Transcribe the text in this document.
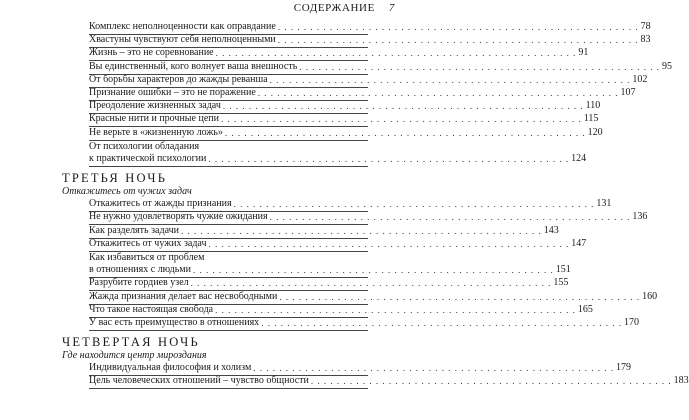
СОДЕРЖАНИЕ 7
Комплекс неполноценности как оправдание . . . . . . . . . . . . . . . . . . . . . . . . . . . . . . . . . . . . . . . . . . . . . . . . . . . . . . . . 78
Хвастуны чувствуют себя неполноценными . . . . . . . . . . . . . . . . . . . . . . . . . . . . . . . . . . . . . . . . . . . . . . . . . . . . . . . . 83
Жизнь – это не соревнование . . . . . . . . . . . . . . . . . . . . . . . . . . . . . . . . . . . . . . . . . . . . . . . . . . . . . . . . 91
Вы единственный, кого волнует ваша внешность . . . . . . . . . . . . . . . . . . . . . . . . . . . . . . . . . . . . . . . . . . . . . . . . . . . . . . . . 95
От борьбы характеров до жажды реванша . . . . . . . . . . . . . . . . . . . . . . . . . . . . . . . . . . . . . . . . . . . . . . . . . . . . . . . . 102
Признание ошибки – это не поражение . . . . . . . . . . . . . . . . . . . . . . . . . . . . . . . . . . . . . . . . . . . . . . . . . . . . . . . . 107
Преодоление жизненных задач . . . . . . . . . . . . . . . . . . . . . . . . . . . . . . . . . . . . . . . . . . . . . . . . . . . . . . . . 110
Красные нити и прочные цепи . . . . . . . . . . . . . . . . . . . . . . . . . . . . . . . . . . . . . . . . . . . . . . . . . . . . . . . . 115
Не верьте в «жизненную ложь» . . . . . . . . . . . . . . . . . . . . . . . . . . . . . . . . . . . . . . . . . . . . . . . . . . . . . . . . 120
От психологии обладания
к практической психологии . . . . . . . . . . . . . . . . . . . . . . . . . . . . . . . . . . . . . . . . . . . . . . . . . . . . . . . . 124
ТРЕТЬЯ НОЧЬ
Откажитесь от чужих задач
Откажитесь от жажды признания . . . . . . . . . . . . . . . . . . . . . . . . . . . . . . . . . . . . . . . . . . . . . . . . . . . . . . . . 131
Не нужно удовлетворять чужие ожидания . . . . . . . . . . . . . . . . . . . . . . . . . . . . . . . . . . . . . . . . . . . . . . . . . . . . . . . . 136
Как разделять задачи . . . . . . . . . . . . . . . . . . . . . . . . . . . . . . . . . . . . . . . . . . . . . . . . . . . . . . . . 143
Откажитесь от чужих задач . . . . . . . . . . . . . . . . . . . . . . . . . . . . . . . . . . . . . . . . . . . . . . . . . . . . . . . . 147
Как избавиться от проблем
в отношениях с людьми . . . . . . . . . . . . . . . . . . . . . . . . . . . . . . . . . . . . . . . . . . . . . . . . . . . . . . . . 151
Разрубите гордиев узел . . . . . . . . . . . . . . . . . . . . . . . . . . . . . . . . . . . . . . . . . . . . . . . . . . . . . . . . 155
Жажда признания делает вас несвободными . . . . . . . . . . . . . . . . . . . . . . . . . . . . . . . . . . . . . . . . . . . . . . . . . . . . . . . . 160
Что такое настоящая свобода . . . . . . . . . . . . . . . . . . . . . . . . . . . . . . . . . . . . . . . . . . . . . . . . . . . . . . . . 165
У вас есть преимущество в отношениях . . . . . . . . . . . . . . . . . . . . . . . . . . . . . . . . . . . . . . . . . . . . . . . . . . . . . . . . 170
ЧЕТВЕРТАЯ НОЧЬ
Где находится центр мироздания
Индивидуальная философия и холизм . . . . . . . . . . . . . . . . . . . . . . . . . . . . . . . . . . . . . . . . . . . . . . . . . . . . . . . . 179
Цель человеческих отношений – чувство общности . . . . . . . . . . . . . . . . . . . . . . . . . . . . . . . . . . . . . . . . . . . . . . . . . . . . . . . . 183
